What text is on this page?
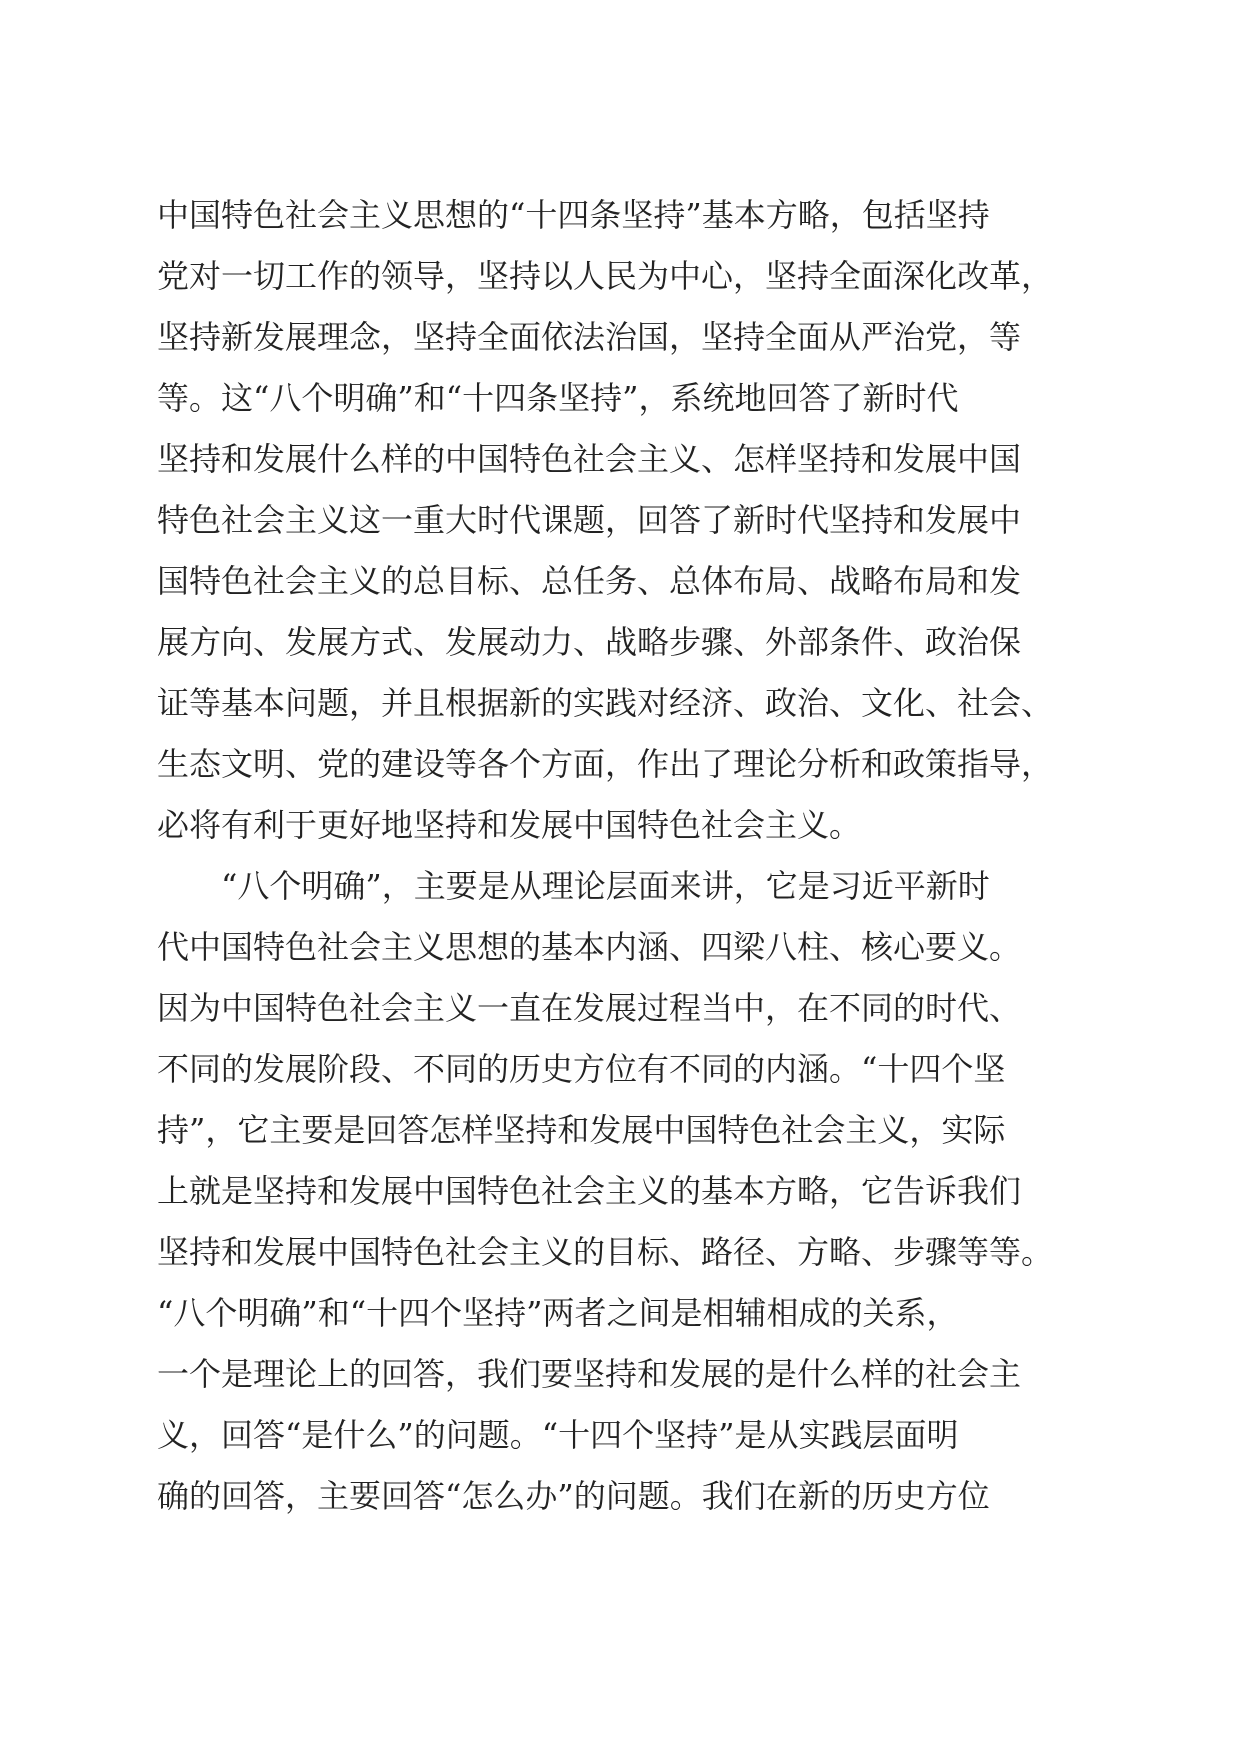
中国特色社会主义思想的“十四条坚持”基本方略，包括坚持
党对一切工作的领导，坚持以人民为中心，坚持全面深化改革，
坚持新发展理念，坚持全面依法治国，坚持全面从严治党，等
等。这“八个明确”和“十四条坚持”，系统地回答了新时代
坚持和发展什么样的中国特色社会主义、怎样坚持和发展中国
特色社会主义这一重大时代课题，回答了新时代坚持和发展中
国特色社会主义的总目标、总任务、总体布局、战略布局和发
展方向、发展方式、发展动力、战略步骤、外部条件、政治保
证等基本问题，并且根据新的实践对经济、政治、文化、社会、
生态文明、党的建设等各个方面，作出了理论分析和政策指导，
必将有利于更好地坚持和发展中国特色社会主义。
“八个明确”，主要是从理论层面来讲，它是习近平新时
代中国特色社会主义思想的基本内涵、四梁八柱、核心要义。
因为中国特色社会主义一直在发展过程当中，在不同的时代、
不同的发展阶段、不同的历史方位有不同的内涵。“十四个坚
持”，它主要是回答怎样坚持和发展中国特色社会主义，实际
上就是坚持和发展中国特色社会主义的基本方略，它告诉我们
坚持和发展中国特色社会主义的目标、路径、方略、步骤等等。
“八个明确”和“十四个坚持”两者之间是相辅相成的关系，
一个是理论上的回答，我们要坚持和发展的是什么样的社会主
义，回答“是什么”的问题。“十四个坚持”是从实践层面明
确的回答，主要回答“怎么办”的问题。我们在新的历史方位
